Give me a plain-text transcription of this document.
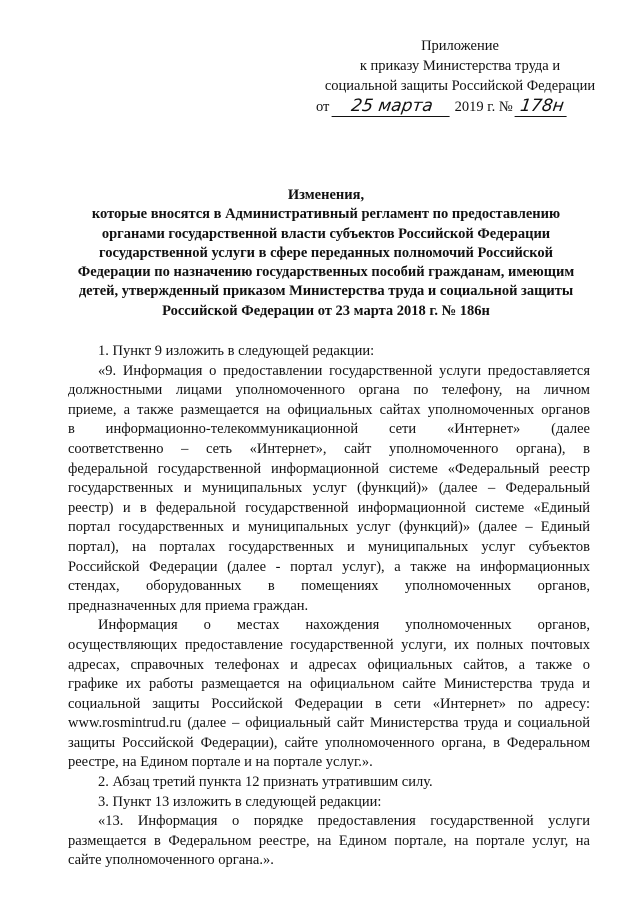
Приложение
к приказу Министерства труда и
социальной защиты Российской Федерации
от 25 марта 2019 г. № 178н
Изменения,
которые вносятся в Административный регламент по предоставлению
органами государственной власти субъектов Российской Федерации
государственной услуги в сфере переданных полномочий Российской
Федерации по назначению государственных пособий гражданам, имеющим
детей, утвержденный приказом Министерства труда и социальной защиты
Российской Федерации от 23 марта 2018 г. № 186н
1. Пункт 9 изложить в следующей редакции:
«9. Информация о предоставлении государственной услуги предоставляется
должностными лицами уполномоченного органа по телефону, на личном
приеме, а также размещается на официальных сайтах уполномоченных органов
в информационно-телекоммуникационной сети «Интернет» (далее
соответственно – сеть «Интернет», сайт уполномоченного органа), в
федеральной государственной информационной системе «Федеральный реестр
государственных и муниципальных услуг (функций)» (далее – Федеральный
реестр) и в федеральной государственной информационной системе «Единый
портал государственных и муниципальных услуг (функций)» (далее – Единый
портал), на порталах государственных и муниципальных услуг субъектов
Российской Федерации (далее - портал услуг), а также на информационных
стендах, оборудованных в помещениях уполномоченных органов,
предназначенных для приема граждан.
Информация о местах нахождения уполномоченных органов,
осуществляющих предоставление государственной услуги, их полных почтовых
адресах, справочных телефонах и адресах официальных сайтов, а также о
графике их работы размещается на официальном сайте Министерства труда и
социальной защиты Российской Федерации в сети «Интернет» по адресу:
www.rosmintrud.ru (далее – официальный сайт Министерства труда и социальной
защиты Российской Федерации), сайте уполномоченного органа, в Федеральном
реестре, на Едином портале и на портале услуг.».
2. Абзац третий пункта 12 признать утратившим силу.
3. Пункт 13 изложить в следующей редакции:
«13. Информация о порядке предоставления государственной услуги
размещается в Федеральном реестре, на Едином портале, на портале услуг, на
сайте уполномоченного органа.».
